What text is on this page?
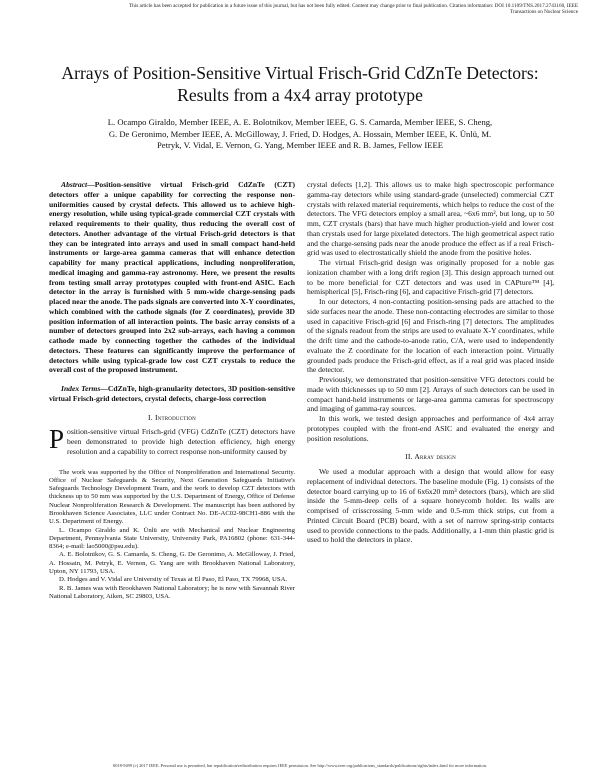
This article has been accepted for publication in a future issue of this journal, but has not been fully edited. Content may change prior to final publication. Citation information: DOI 10.1109/TNS.2017.2743160, IEEE
Transactions on Nuclear Science
Arrays of Position-Sensitive Virtual Frisch-Grid CdZnTe Detectors:
Results from a 4x4 array prototype
L. Ocampo Giraldo, Member IEEE, A. E. Bolotnikov, Member IEEE, G. S. Camarda, Member IEEE, S. Cheng,
G. De Geronimo, Member IEEE, A. McGilloway, J. Fried, D. Hodges, A. Hossain, Member IEEE, K. Ünlü, M.
Petryk, V. Vidal, E. Vernon, G. Yang, Member IEEE and R. B. James, Fellow IEEE

Abstract—Position-sensitive virtual Frisch-grid CdZnTe (CZT) detectors offer a unique capability for correcting the response non-uniformities caused by crystal defects. This allowed us to achieve high-energy resolution, while using typical-grade commercial CZT crystals with relaxed requirements to their quality, thus reducing the overall cost of detectors. Another advantage of the virtual Frisch-grid detectors is that they can be integrated into arrays and used in small compact hand-held instruments or large-area gamma cameras that will enhance detection capability for many practical applications, including nonproliferation, medical imaging and gamma-ray astronomy. Here, we present the results from testing small array prototypes coupled with front-end ASIC. Each detector in the array is furnished with 5 mm-wide charge-sensing pads placed near the anode. The pads signals are converted into X-Y coordinates, which combined with the cathode signals (for Z coordinates), provide 3D position information of all interaction points. The basic array consists of a number of detectors grouped into 2x2 sub-arrays, each having a common cathode made by connecting together the cathodes of the individual detectors. These features can significantly improve the performance of detectors while using typical-grade low cost CZT crystals to reduce the overall cost of the proposed instrument.

Index Terms—CdZnTe, high-granularity detectors, 3D position-sensitive virtual Frisch-grid detectors, crystal defects, charge-loss correction

I. Introduction

Position-sensitive virtual Frisch-grid (VFG) CdZnTe (CZT) detectors have been demonstrated to provide high detection efficiency, high energy resolution and a capability to correct response non-uniformity caused by

The work was supported by the Office of Nonproliferation and International Security. Office of Nuclear Safeguards & Security, Next Generation Safeguards Initiative's Safeguards Technology Development Team, and the work to develop CZT detectors with thickness up to 50 mm was supported by the U.S. Department of Energy, Office of Defense Nuclear Nonproliferation Research & Development. The manuscript has been authored by Brookhaven Science Associates, LLC under Contract No. DE-AC02-98CH1-886 with the U.S. Department of Energy.

L. Ocampo Giraldo and K. Ünlü are with Mechanical and Nuclear Engineering Department, Pennsylvania State University, University Park, PA16802 (phone: 631-344-8364; e-mail: lao5000@psu.edu).

A. E. Bolotnikov, G. S. Camarda, S. Cheng, G. De Geronimo, A. McGilloway, J. Fried, A. Hossain, M. Petryk, E. Vernon, G. Yang are with Brookhaven National Laboratory, Upton, NY 11793, USA.

D. Hodges and V. Vidal are University of Texas at El Paso, El Paso, TX 79968, USA.

R. B. James was with Brookhaven National Laboratory; he is now with Savannah River National Laboratory, Aiken, SC 29803, USA.

crystal defects [1,2]. This allows us to make high spectroscopic performance gamma-ray detectors while using standard-grade (unselected) commercial CZT crystals with relaxed material requirements, which helps to reduce the cost of the detectors. The VFG detectors employ a small area, ~6x6 mm², but long, up to 50 mm, CZT crystals (bars) that have much higher production-yield and lower cost than crystals used for large pixelated detectors. The high geometrical aspect ratio and the charge-sensing pads near the anode produce the effect as if a real Frisch-grid was used to electrostatically shield the anode from the positive holes.

The virtual Frisch-grid design was originally proposed for a noble gas ionization chamber with a long drift region [3]. This design approach turned out to be more beneficial for CZT detectors and was used in CAPture™ [4], hemispherical [5], Frisch-ring [6], and capacitive Frisch-grid [7] detectors.

In our detectors, 4 non-contacting position-sensing pads are attached to the side surfaces near the anode. These non-contacting electrodes are similar to those used in capacitive Frisch-grid [6] and Frisch-ring [7] detectors. The amplitudes of the signals readout from the strips are used to evaluate X-Y coordinates, while the drift time and the cathode-to-anode ratio, C/A, were used to independently evaluate the Z coordinate for the location of each interaction point. Virtually grounded pads produce the Frisch-grid effect, as if a real grid was placed inside the detector.

Previously, we demonstrated that position-sensitive VFG detectors could be made with thicknesses up to 50 mm [2]. Arrays of such detectors can be used in compact hand-held instruments or large-area gamma cameras for spectroscopy and imaging of gamma-ray sources.

In this work, we tested design approaches and performance of 4x4 array prototypes coupled with the front-end ASIC and evaluated the energy and position resolutions.

II. Array design

We used a modular approach with a design that would allow for easy replacement of individual detectors. The baseline module (Fig. 1) consists of the detector board carrying up to 16 of 6x6x20 mm³ detectors (bars), which are slid inside the 5-mm-deep cells of a square honeycomb holder. Its walls are comprised of crisscrossing 5-mm wide and 0.5-mm thick strips, cut from a Printed Circuit Board (PCB) board, with a set of narrow spring-strip contacts used to provide connections to the pads. Additionally, a 1-mm thin plastic grid is used to hold the detectors in place.

0018-9499 (c) 2017 IEEE. Personal use is permitted, but republication/redistribution requires IEEE permission. See http://www.ieee.org/publications_standards/publications/rights/index.html for more information.
